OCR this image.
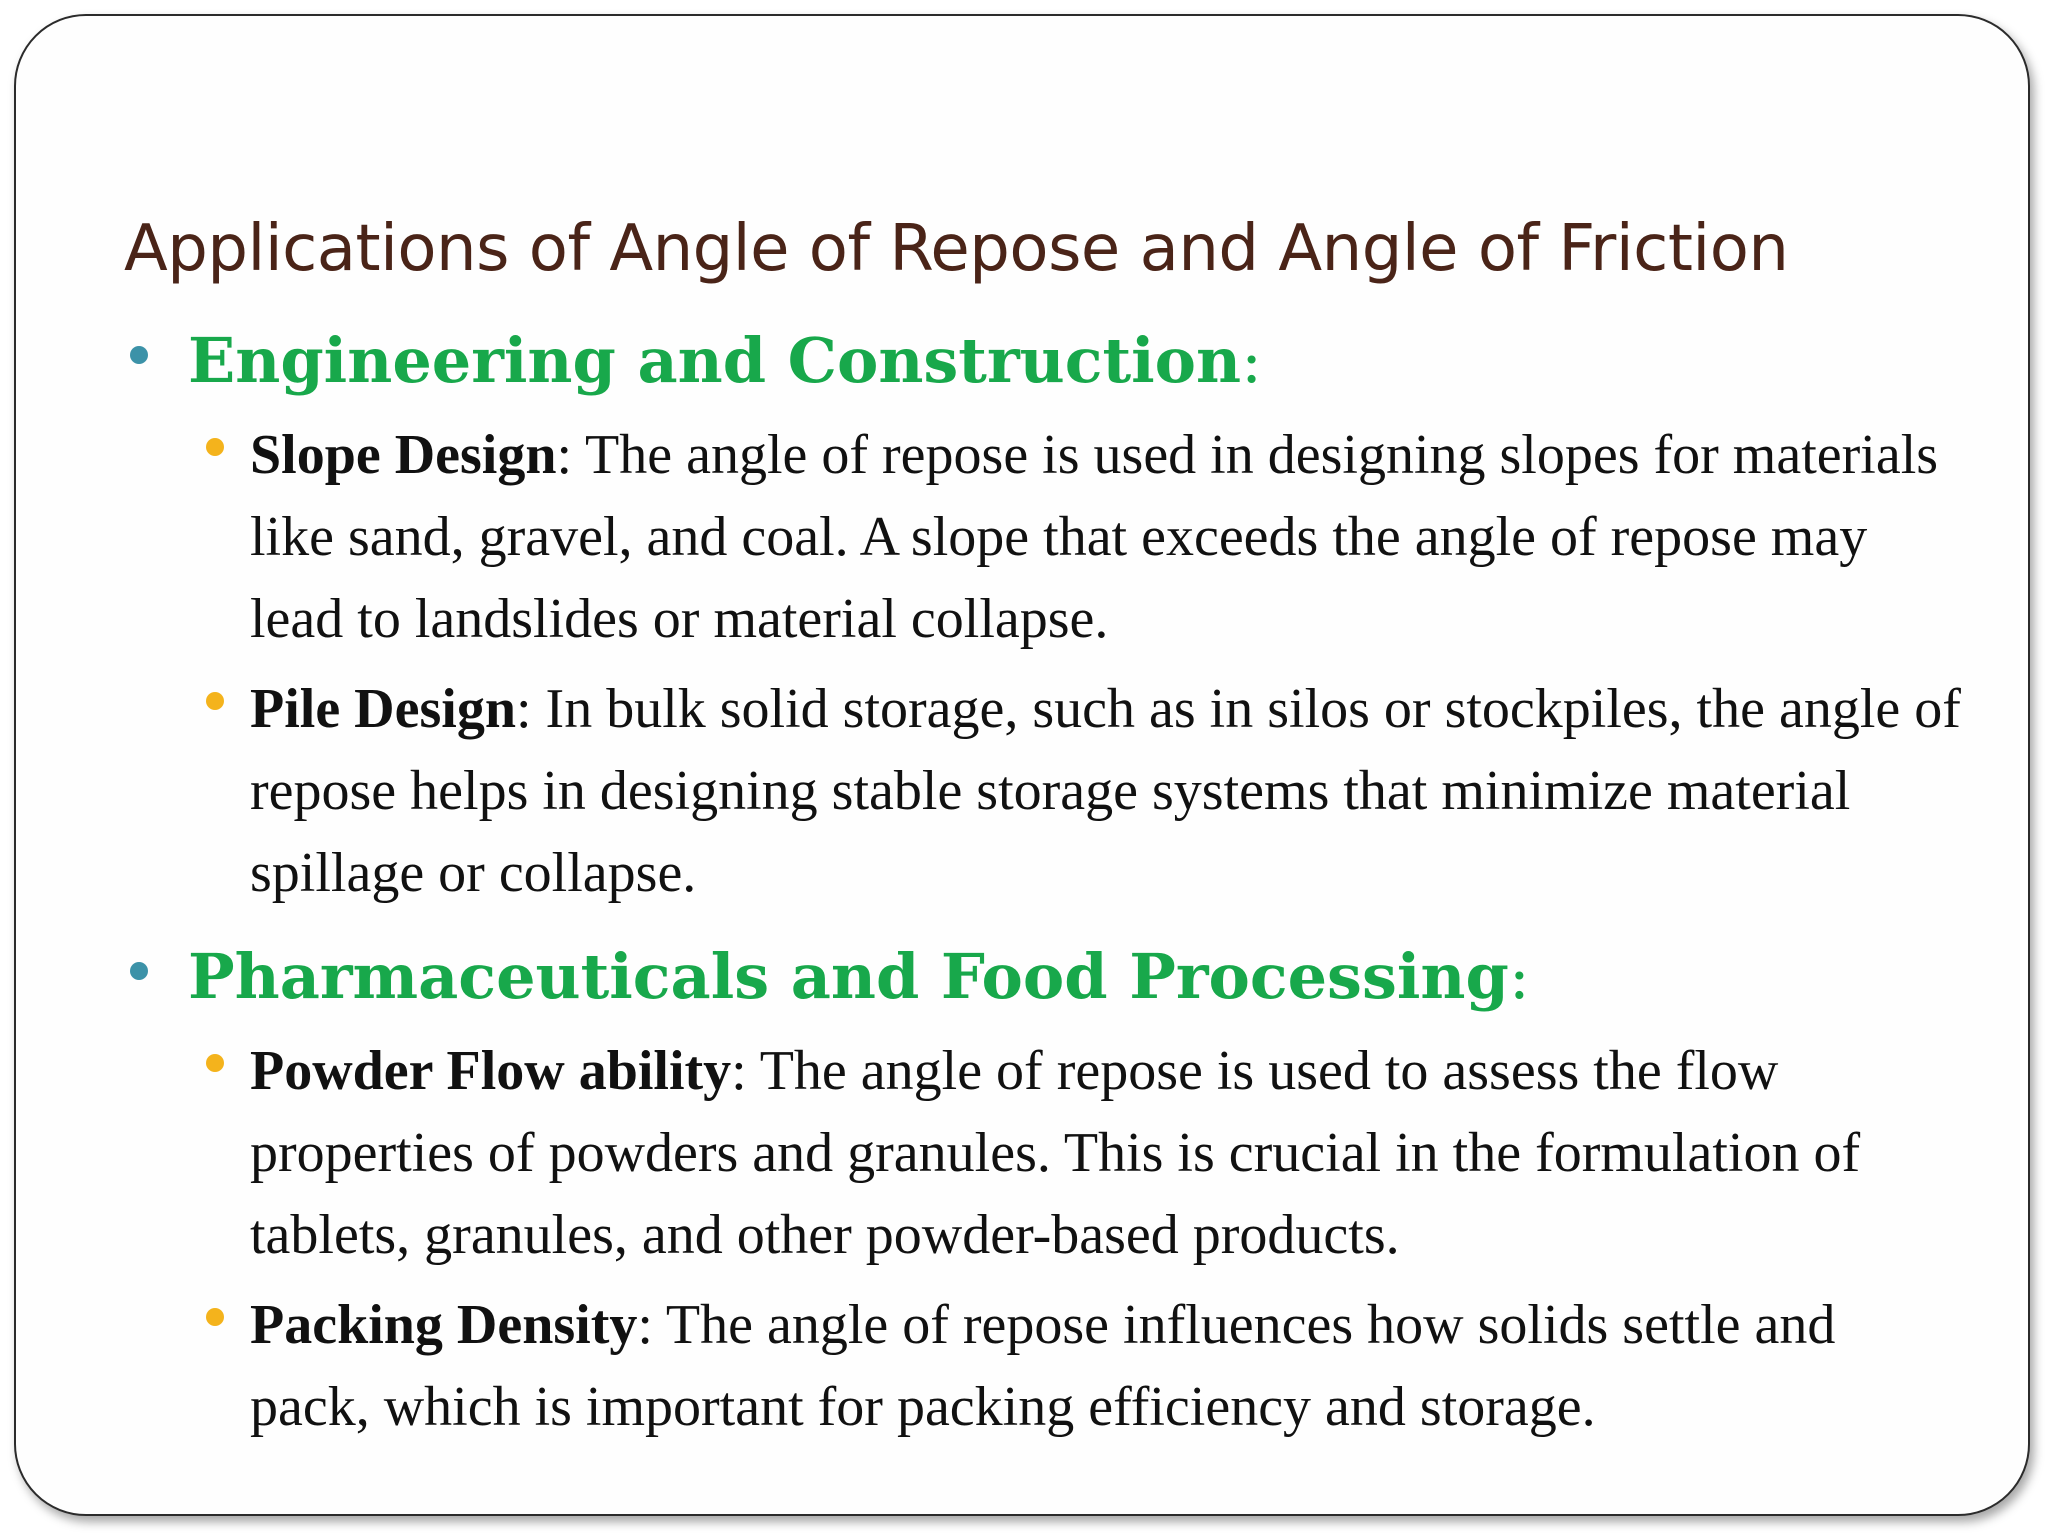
Applications of Angle of Repose and Angle of Friction
Engineering and Construction:
Slope Design: The angle of repose is used in designing slopes for materials like sand, gravel, and coal. A slope that exceeds the angle of repose may lead to landslides or material collapse.
Pile Design: In bulk solid storage, such as in silos or stockpiles, the angle of repose helps in designing stable storage systems that minimize material spillage or collapse.
Pharmaceuticals and Food Processing:
Powder Flow ability: The angle of repose is used to assess the flow properties of powders and granules. This is crucial in the formulation of tablets, granules, and other powder-based products.
Packing Density: The angle of repose influences how solids settle and pack, which is important for packing efficiency and storage.
